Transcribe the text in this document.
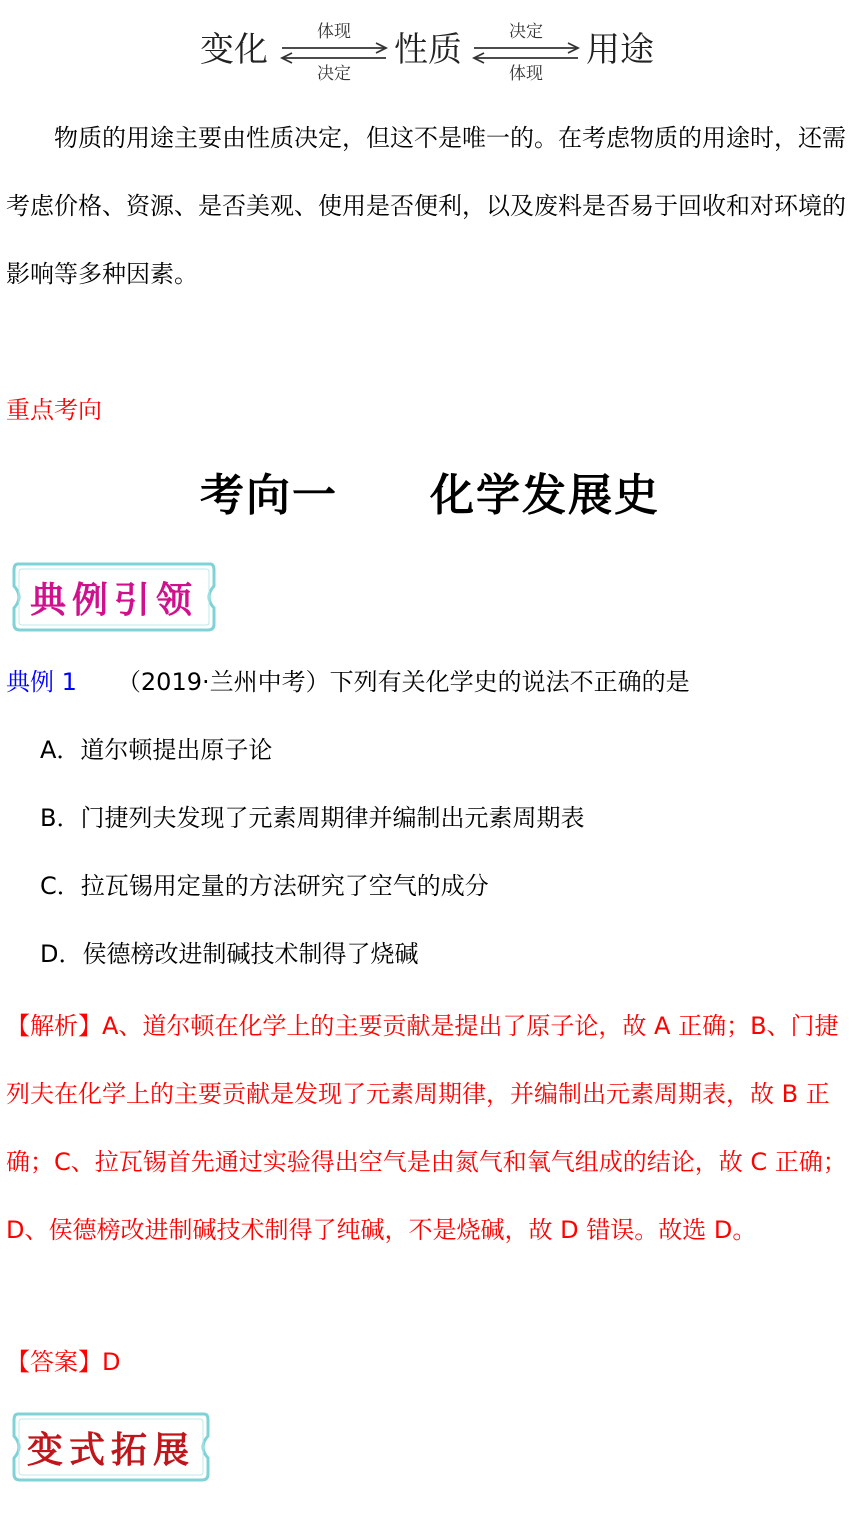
变化	体现
决定
性质	决定
体现
用途

物质的用途主要由性质决定，但这不是唯一的。在考虑物质的用途时，还需考虑价格、资源、是否美观、使用是否便利，以及废料是否易于回收和对环境的影响等多种因素。

重点考向
考向一　　化学发展史
典例引领
典例 1 （2019·兰州中考）下列有关化学史的说法不正确的是
A．道尔顿提出原子论
B．门捷列夫发现了元素周期律并编制出元素周期表
C．拉瓦锡用定量的方法研究了空气的成分
D．侯德榜改进制碱技术制得了烧碱

【解析】A、道尔顿在化学上的主要贡献是提出了原子论，故 A 正确；B、门捷列夫在化学上的主要贡献是发现了元素周期律，并编制出元素周期表，故 B 正确；C、拉瓦锡首先通过实验得出空气是由氮气和氧气组成的结论，故 C 正确；D、侯德榜改进制碱技术制得了纯碱，不是烧碱，故 D 错误。故选 D。

【答案】D
变式拓展
